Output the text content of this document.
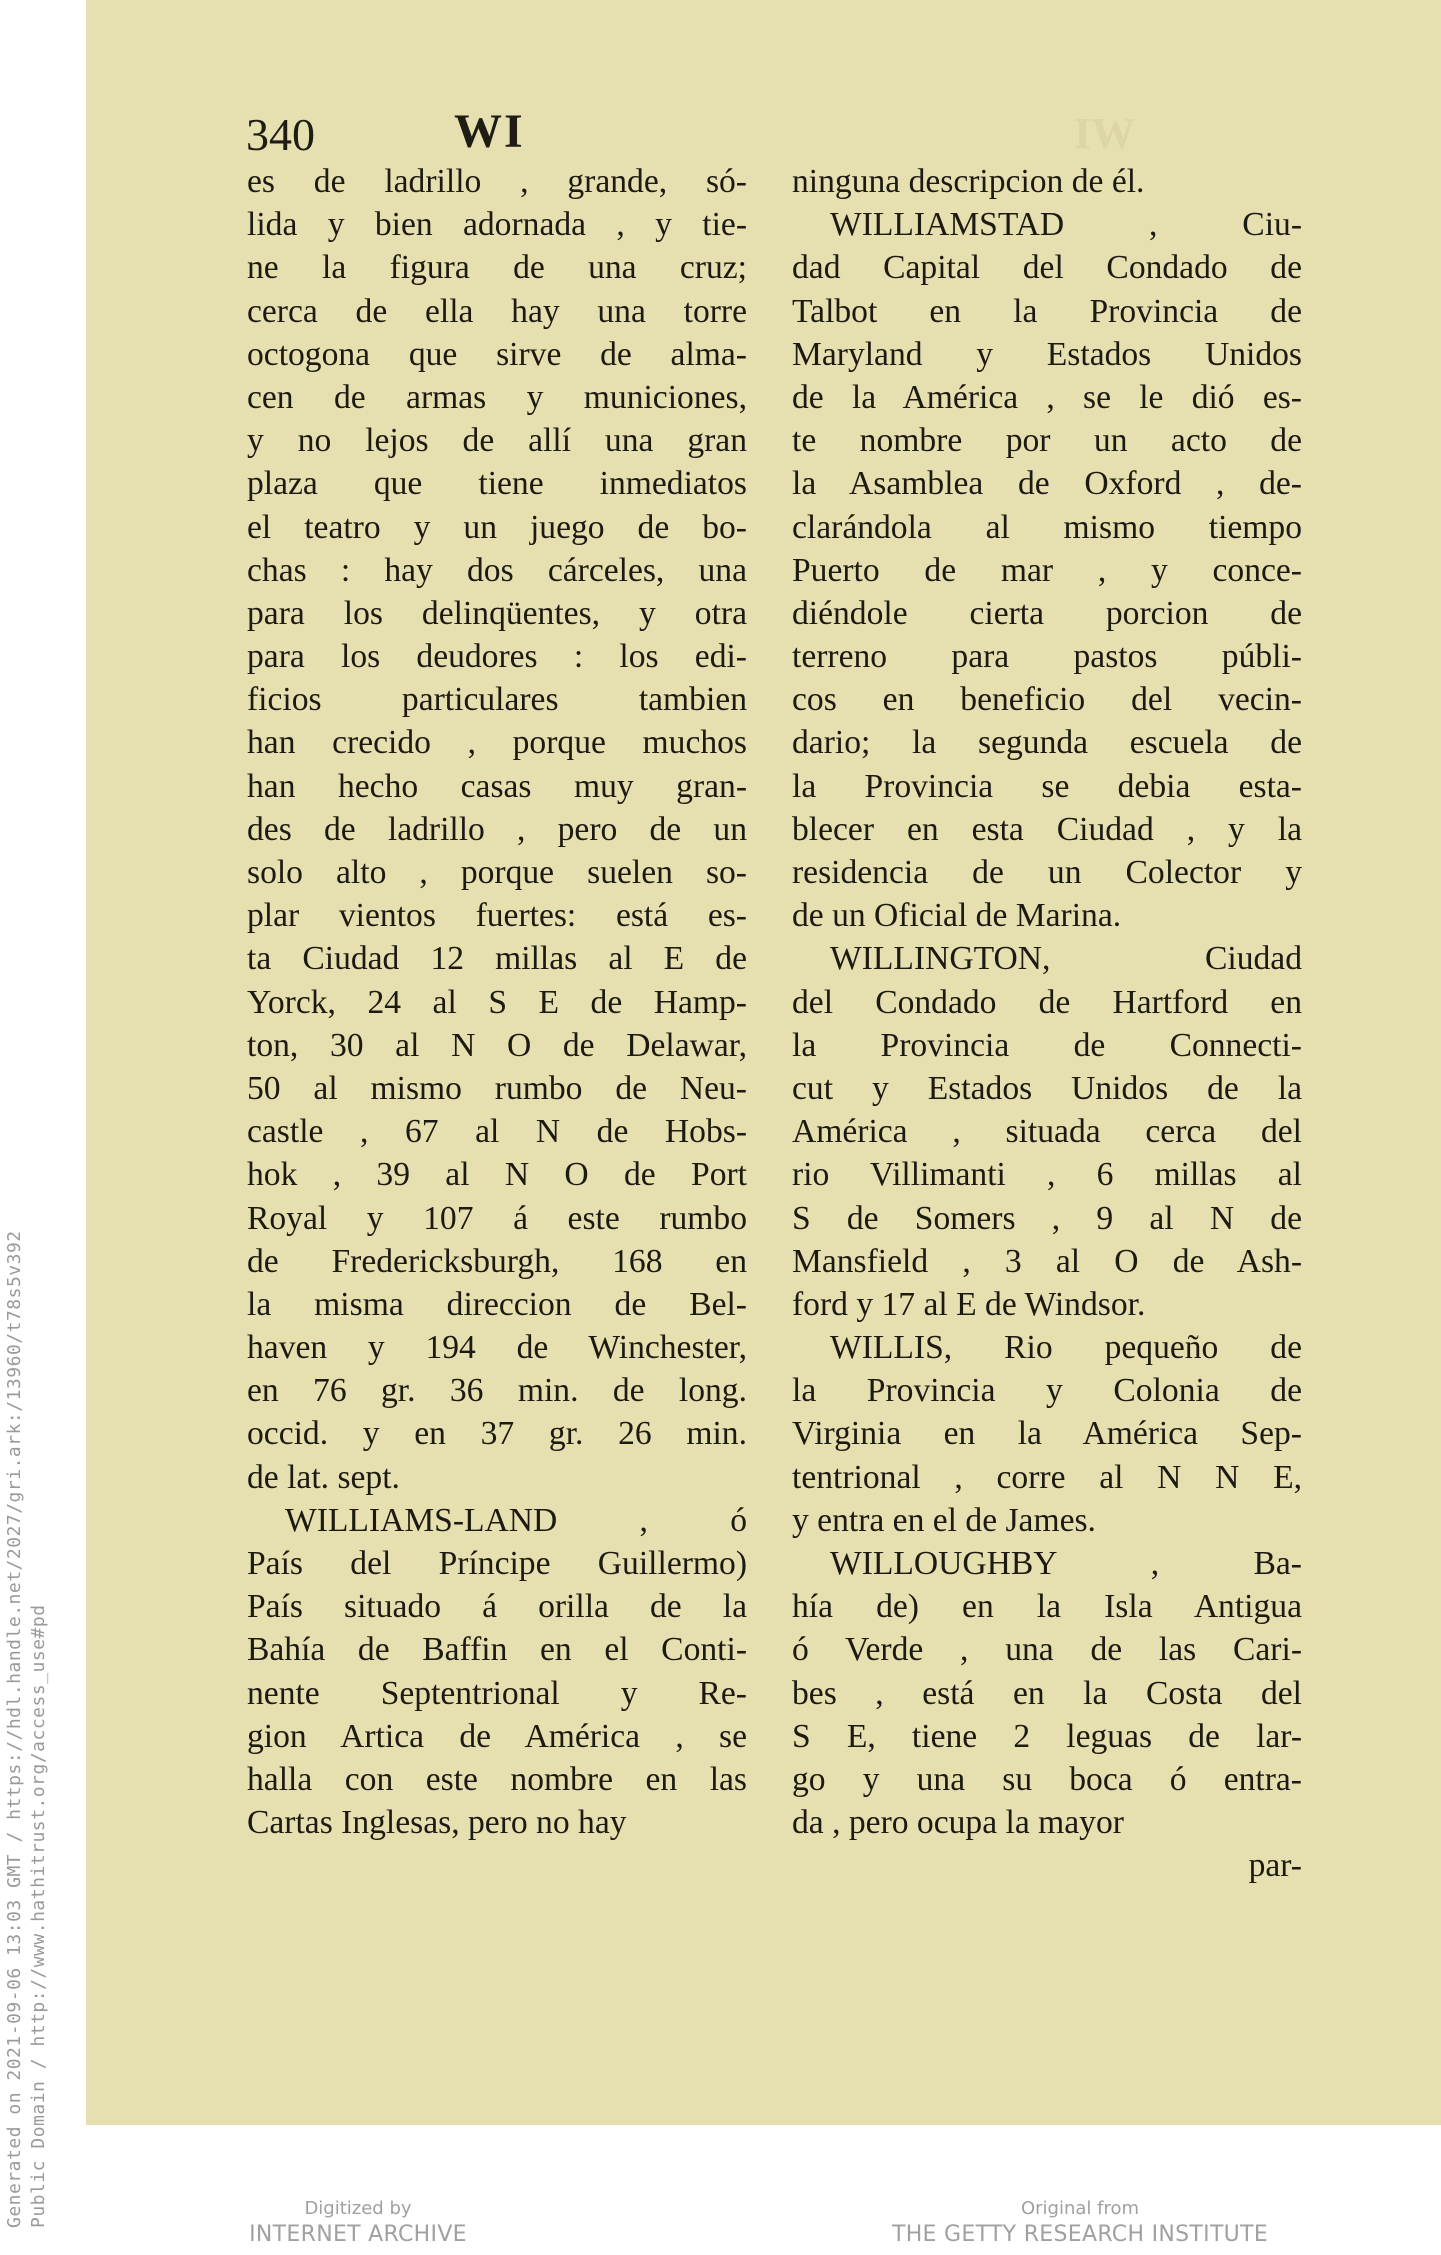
Generated on 2021-09-06 13:03 GMT / https://hdl.handle.net/2027/gri.ark:/13960/t78s5v392 Public Domain / http://www.hathitrust.org/access_use#pd
340	WI	IW
es de ladrillo , grande, só-
lida y bien adornada , y tie-
ne la figura de una cruz;
cerca de ella hay una torre
octogona que sirve de alma-
cen de armas y municiones,
y no lejos de allí una gran
plaza que tiene inmediatos
el teatro y un juego de bo-
chas : hay dos cárceles, una
para los delinqüentes, y otra
para los deudores : los edi-
ficios particulares tambien
han crecido , porque muchos
han hecho casas muy gran-
des de ladrillo , pero de un
solo alto , porque suelen so-
plar vientos fuertes: está es-
ta Ciudad 12 millas al E de
Yorck, 24 al S E de Hamp-
ton, 30 al N O de Delawar,
50 al mismo rumbo de Neu-
castle , 67 al N de Hobs-
hok , 39 al N O de Port
Royal y 107 á este rumbo
de Fredericksburgh, 168 en
la misma direccion de Bel-
haven y 194 de Winchester,
en 76 gr. 36 min. de long.
occid. y en 37 gr. 26 min.
de lat. sept.
WILLIAMS-LAND , ó
País del Príncipe Guillermo)
País situado á orilla de la
Bahía de Baffin en el Conti-
nente Septentrional y Re-
gion Artica de América , se
halla con este nombre en las
Cartas Inglesas, pero no hay
ninguna descripcion de él.
WILLIAMSTAD , Ciu-
dad Capital del Condado de
Talbot en la Provincia de
Maryland y Estados Unidos
de la América , se le dió es-
te nombre por un acto de
la Asamblea de Oxford , de-
clarándola al mismo tiempo
Puerto de mar , y conce-
diéndole cierta porcion de
terreno para pastos públi-
cos en beneficio del vecin-
dario; la segunda escuela de
la Provincia se debia esta-
blecer en esta Ciudad , y la
residencia de un Colector y
de un Oficial de Marina.
WILLINGTON, Ciudad
del Condado de Hartford en
la Provincia de Connecti-
cut y Estados Unidos de la
América , situada cerca del
rio Villimanti , 6 millas al
S de Somers , 9 al N de
Mansfield , 3 al O de Ash-
ford y 17 al E de Windsor.
WILLIS, Rio pequeño de
la Provincia y Colonia de
Virginia en la América Sep-
tentrional , corre al N N E,
y entra en el de James.
WILLOUGHBY , Ba-
hía de) en la Isla Antigua
ó Verde , una de las Cari-
bes , está en la Costa del
S E, tiene 2 leguas de lar-
go y una su boca ó entra-
da , pero ocupa la mayor
par-
Digitized by
INTERNET ARCHIVE
Original from
THE GETTY RESEARCH INSTITUTE
